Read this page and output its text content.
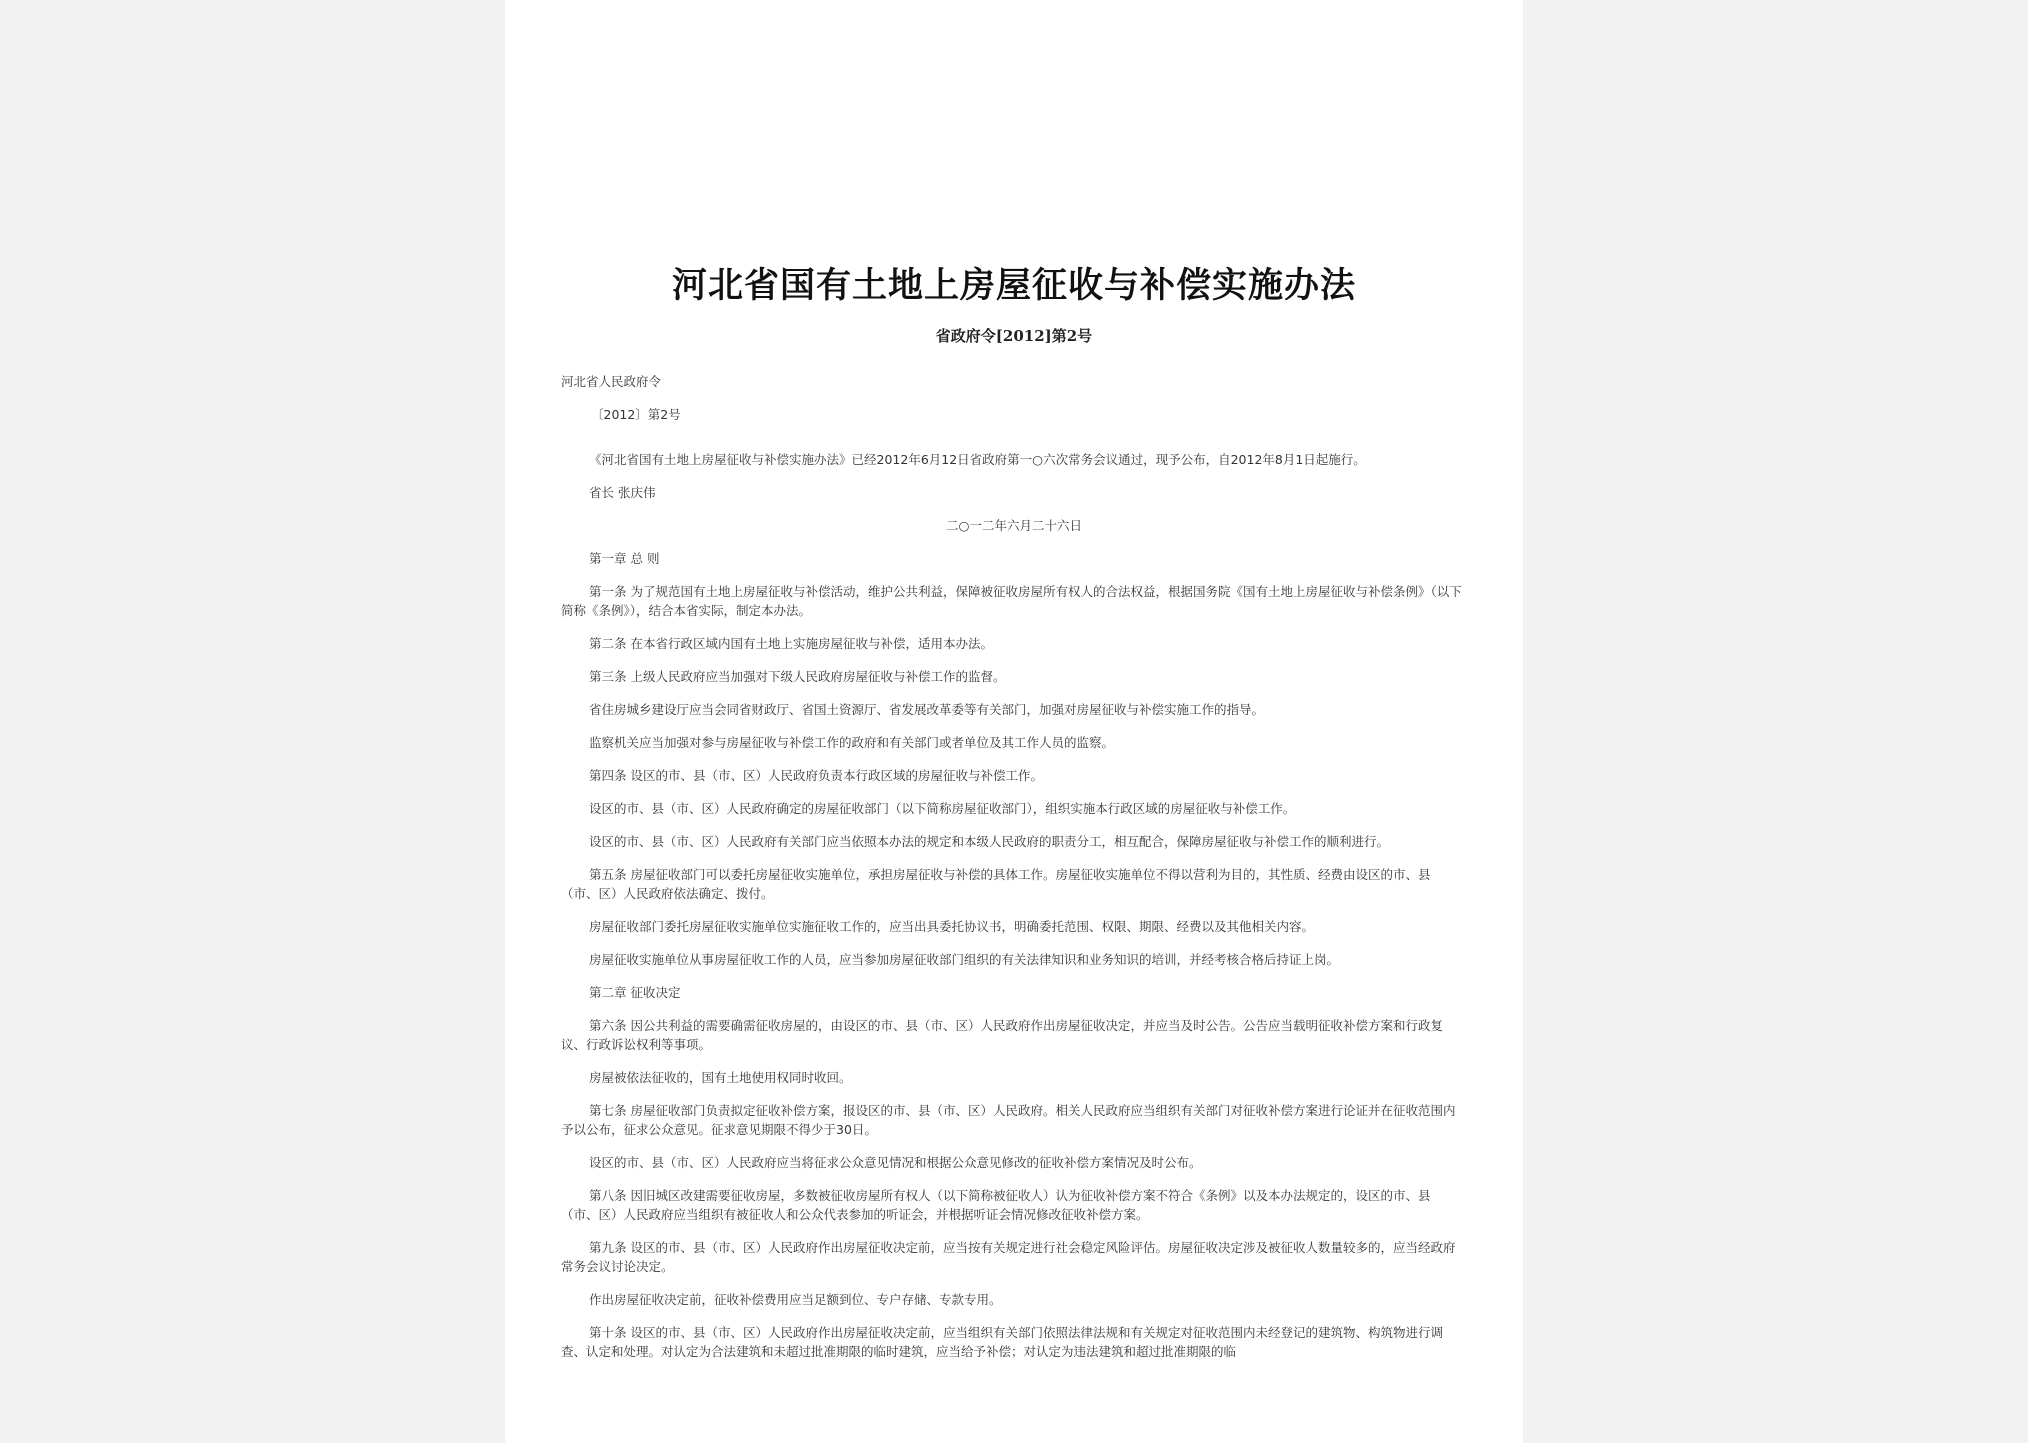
河北省国有土地上房屋征收与补偿实施办法
省政府令[2012]第2号

河北省人民政府令

〔2012〕第2号

《河北省国有土地上房屋征收与补偿实施办法》已经2012年6月12日省政府第一○六次常务会议通过，现予公布，自2012年8月1日起施行。

省长 张庆伟

二○一二年六月二十六日

第一章 总 则

第一条 为了规范国有土地上房屋征收与补偿活动，维护公共利益，保障被征收房屋所有权人的合法权益，根据国务院《国有土地上房屋征收与补偿条例》（以下简称《条例》），结合本省实际，制定本办法。

第二条 在本省行政区域内国有土地上实施房屋征收与补偿，适用本办法。

第三条 上级人民政府应当加强对下级人民政府房屋征收与补偿工作的监督。

省住房城乡建设厅应当会同省财政厅、省国土资源厅、省发展改革委等有关部门，加强对房屋征收与补偿实施工作的指导。

监察机关应当加强对参与房屋征收与补偿工作的政府和有关部门或者单位及其工作人员的监察。

第四条 设区的市、县（市、区）人民政府负责本行政区域的房屋征收与补偿工作。

设区的市、县（市、区）人民政府确定的房屋征收部门（以下简称房屋征收部门），组织实施本行政区域的房屋征收与补偿工作。

设区的市、县（市、区）人民政府有关部门应当依照本办法的规定和本级人民政府的职责分工，相互配合，保障房屋征收与补偿工作的顺利进行。

第五条 房屋征收部门可以委托房屋征收实施单位，承担房屋征收与补偿的具体工作。房屋征收实施单位不得以营利为目的，其性质、经费由设区的市、县（市、区）人民政府依法确定、拨付。

房屋征收部门委托房屋征收实施单位实施征收工作的，应当出具委托协议书，明确委托范围、权限、期限、经费以及其他相关内容。

房屋征收实施单位从事房屋征收工作的人员，应当参加房屋征收部门组织的有关法律知识和业务知识的培训，并经考核合格后持证上岗。

第二章 征收决定

第六条 因公共利益的需要确需征收房屋的，由设区的市、县（市、区）人民政府作出房屋征收决定，并应当及时公告。公告应当载明征收补偿方案和行政复议、行政诉讼权利等事项。

房屋被依法征收的，国有土地使用权同时收回。

第七条 房屋征收部门负责拟定征收补偿方案，报设区的市、县（市、区）人民政府。相关人民政府应当组织有关部门对征收补偿方案进行论证并在征收范围内予以公布，征求公众意见。征求意见期限不得少于30日。

设区的市、县（市、区）人民政府应当将征求公众意见情况和根据公众意见修改的征收补偿方案情况及时公布。

第八条 因旧城区改建需要征收房屋，多数被征收房屋所有权人（以下简称被征收人）认为征收补偿方案不符合《条例》以及本办法规定的，设区的市、县（市、区）人民政府应当组织有被征收人和公众代表参加的听证会，并根据听证会情况修改征收补偿方案。

第九条 设区的市、县（市、区）人民政府作出房屋征收决定前，应当按有关规定进行社会稳定风险评估。房屋征收决定涉及被征收人数量较多的，应当经政府常务会议讨论决定。

作出房屋征收决定前，征收补偿费用应当足额到位、专户存储、专款专用。

第十条 设区的市、县（市、区）人民政府作出房屋征收决定前，应当组织有关部门依照法律法规和有关规定对征收范围内未经登记的建筑物、构筑物进行调查、认定和处理。对认定为合法建筑和未超过批准期限的临时建筑，应当给予补偿；对认定为违法建筑和超过批准期限的临
